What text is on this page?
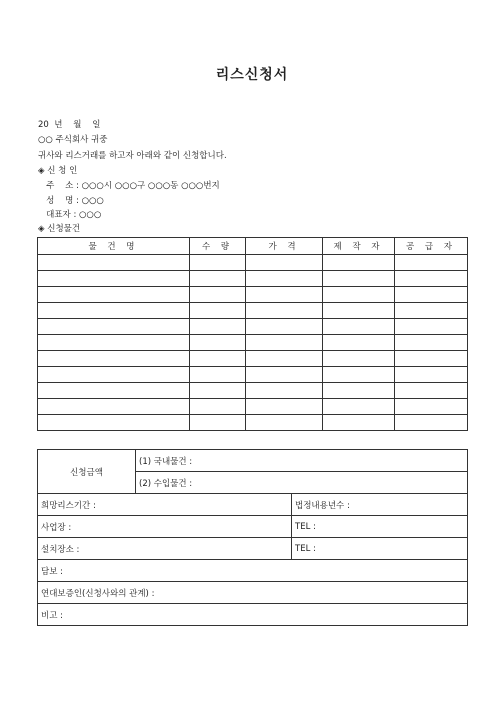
리스신청서
20  년    월    일
○○ 주식회사 귀중
귀사와 리스거래를 하고자 아래와 같이 신청합니다.
◈ 신 청 인
주    소 : ○○○시 ○○○구 ○○○동 ○○○번지
성    명 : ○○○
대표자 : ○○○
◈ 신청물건
물 건 명	수 량	가 격	제 작 자	공 급 자

신청금액	(1) 국내물건 :	
	(2) 수입물건 :	
희망리스기간 :		법정내용년수 :
사업장 :		TEL :
설치장소 :		TEL :
담보 :		
연대보증인(신청사와의 관계) :		
비고 :		
